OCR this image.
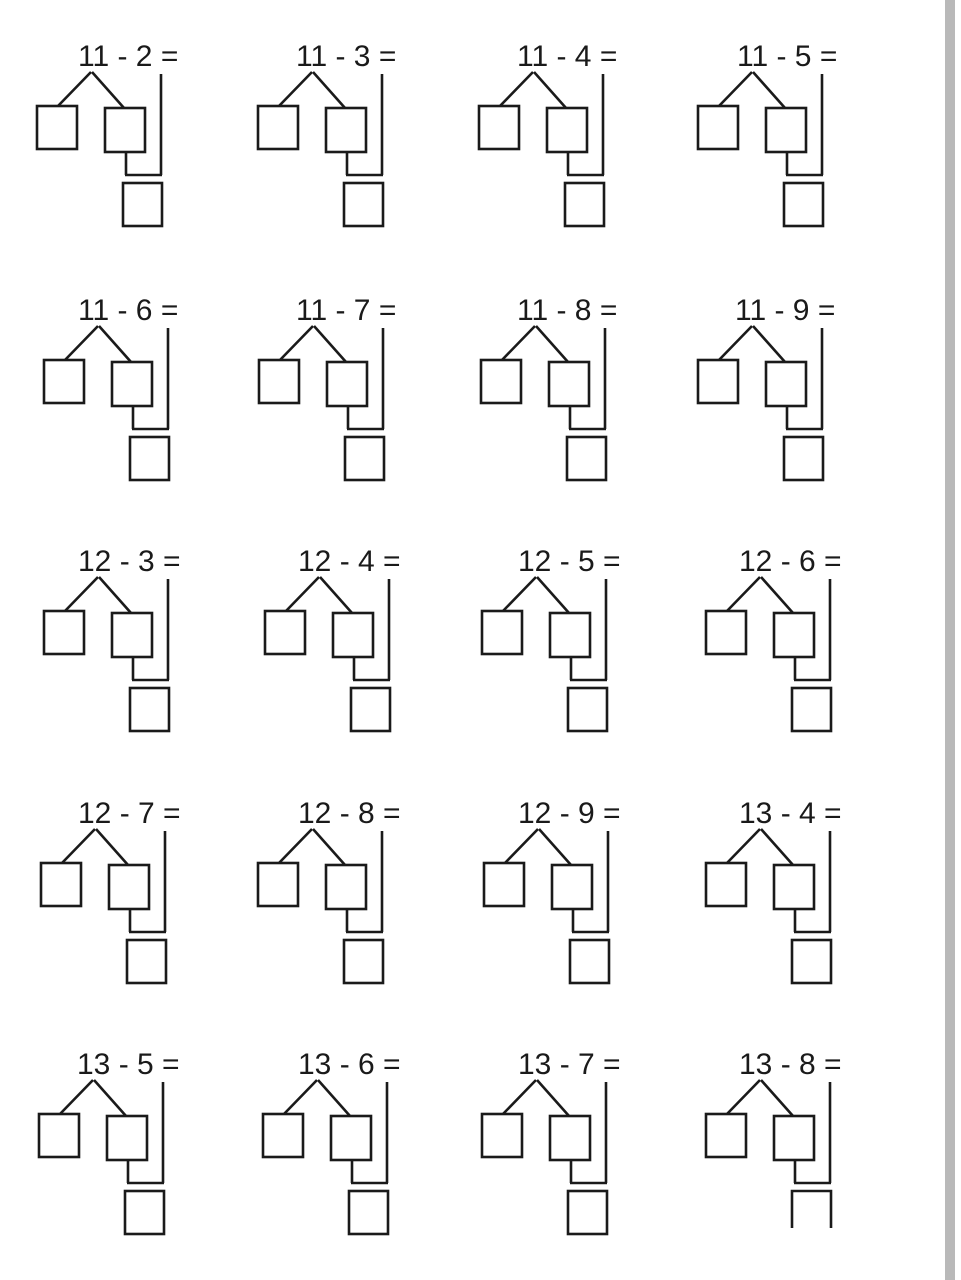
11 - 2 =	11 - 3 =	11 - 4 =	11 - 5 =
11 - 6 =	11 - 7 =	11 - 8 =	11 - 9 =
12 - 3 =	12 - 4 =	12 - 5 =	12 - 6 =
12 - 7 =	12 - 8 =	12 - 9 =	13 - 4 =
13 - 5 =	13 - 6 =	13 - 7 =	13 - 8 =
